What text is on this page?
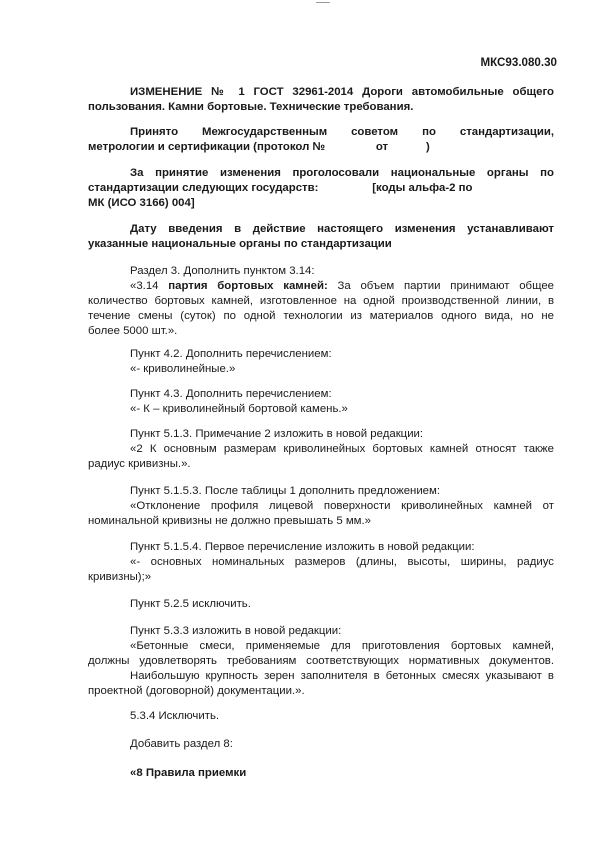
МКС93.080.30
ИЗМЕНЕНИЕ № 1 ГОСТ 32961-2014 Дороги автомобильные общего
пользования. Камни бортовые. Технические требования.
Принято Межгосударственным советом по стандартизации,
метрологии и сертификации (протокол №                от            )
За принятие изменения проголосовали национальные органы по
стандартизации следующих государств:                 [коды альфа-2 по
МК (ИСО 3166) 004]
Дату введения в действие настоящего изменения устанавливают
указанные национальные органы по стандартизации
Раздел 3. Дополнить пунктом 3.14:
«3.14 партия бортовых камней: За объем партии принимают общее
количество бортовых камней, изготовленное на одной производственной линии, в
течение смены (суток) по одной технологии из материалов одного вида, но не
более 5000 шт.».
Пункт 4.2. Дополнить перечислением:
«- криволинейные.»
Пункт 4.3. Дополнить перечислением:
«- К – криволинейный бортовой камень.»
Пункт 5.1.3. Примечание 2 изложить в новой редакции:
«2 К основным размерам криволинейных бортовых камней относят также
радиус кривизны.».
Пункт 5.1.5.3. После таблицы 1 дополнить предложением:
«Отклонение профиля лицевой поверхности криволинейных камней от
номинальной кривизны не должно превышать 5 мм.»
Пункт 5.1.5.4. Первое перечисление изложить в новой редакции:
«- основных номинальных размеров (длины, высоты, ширины, радиус
кривизны);»
Пункт 5.2.5 исключить.
Пункт 5.3.3 изложить в новой редакции:
«Бетонные смеси, применяемые для приготовления бортовых камней,
должны удовлетворять требованиям соответствующих нормативных документов.
Наибольшую крупность зерен заполнителя в бетонных смесях указывают в
проектной (договорной) документации.».
5.3.4 Исключить.
Добавить раздел 8:
«8 Правила приемки
